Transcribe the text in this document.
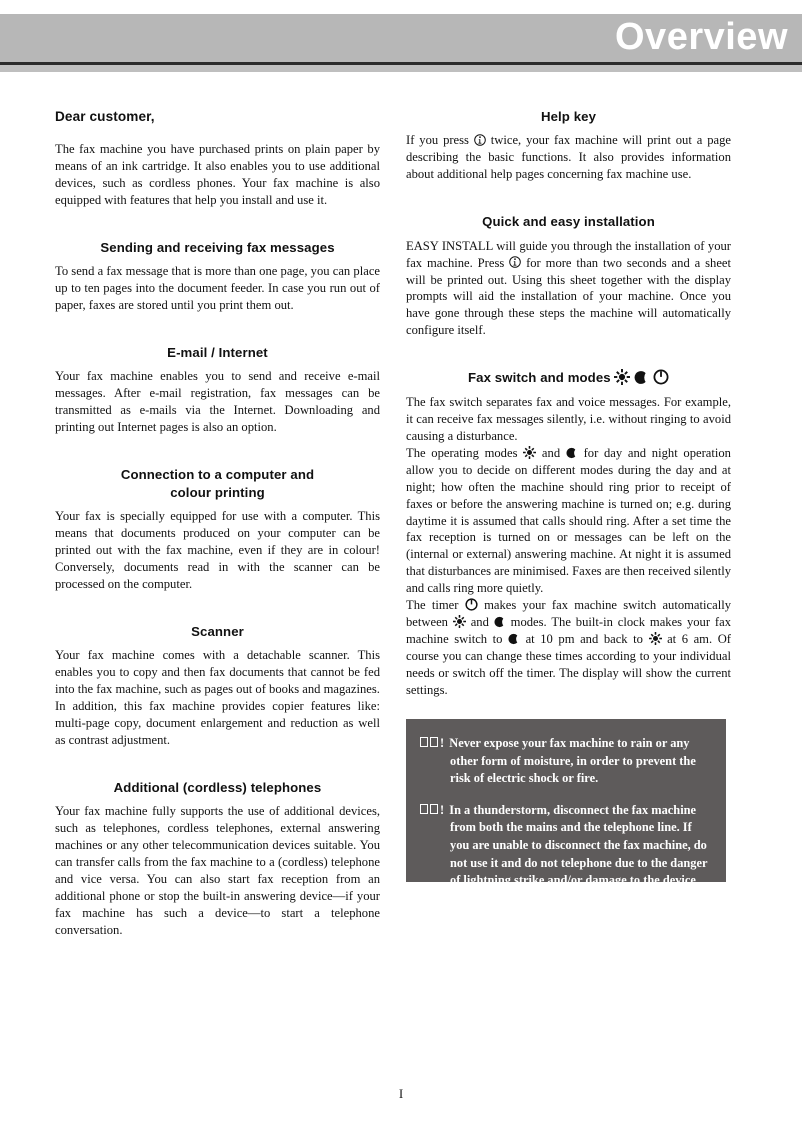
Overview
Dear customer,

The fax machine you have purchased prints on plain paper by means of an ink cartridge. It also enables you to use additional devices, such as cordless phones. Your fax machine is also equipped with features that help you install and use it.

Sending and receiving fax messages

To send a fax message that is more than one page, you can place up to ten pages into the document feeder. In case you run out of paper, faxes are stored until you print them out.

E-mail / Internet

Your fax machine enables you to send and receive e-mail messages. After e-mail registration, fax messages can be transmitted as e-mails via the Internet. Downloading and printing out Internet pages is also an option.

Connection to a computer and
colour printing

Your fax is specially equipped for use with a computer. This means that documents produced on your computer can be printed out with the fax machine, even if they are in colour! Conversely, documents read in with the scanner can be processed on the computer.

Scanner

Your fax machine comes with a detachable scanner. This enables you to copy and then fax documents that cannot be fed into the fax machine, such as pages out of books and magazines.

In addition, this fax machine provides copier features like: multi-page copy, document enlargement and reduction as well as contrast adjustment.

Additional (cordless) telephones

Your fax machine fully supports the use of additional devices, such as telephones, cordless telephones, external answering machines or any other telecommunication devices suitable. You can transfer calls from the fax machine to a (cordless) telephone and vice versa. You can also start fax reception from an additional phone or stop the built-in answering device—if your fax machine has such a device—to start a telephone conversation.

Help key

If you press
twice, your fax machine will print out a page describing the basic functions. It also provides information about additional help pages concerning fax machine use.

Quick and easy installation

EASY INSTALL will guide you through the installation of your fax machine. Press
for more than two seconds and a sheet will be printed out. Using this sheet together with the display prompts will aid the installation of your machine. Once you have gone through these steps the machine will automatically configure itself.

Fax switch and modes

The fax switch separates fax and voice messages. For example, it can receive fax messages silently, i.e. without ringing to avoid causing a disturbance.

The operating modes
and
for day and night operation allow you to decide on different modes during the day and at night; how often the machine should ring prior to receipt of faxes or before the answering machine is turned on; e.g. during daytime it is assumed that calls should ring. After a set time the fax reception is turned on or messages can be left on the (internal or external) answering machine. At night it is assumed that disturbances are minimised. Faxes are then received silently and calls ring more quietly.

The timer
makes your fax machine switch automatically between
and
modes. The built-in clock makes your fax machine switch to
at 10 pm and back to
at 6 am. Of course you can change these times according to your individual needs or switch off the timer. The display will show the current settings.

! Never expose your fax machine to rain or any other form of moisture, in order to prevent the risk of electric shock or fire.

! In a thunderstorm, disconnect the fax machine from both the mains and the telephone line. If you are unable to disconnect the fax machine, do not use it and do not telephone due to the danger of lightning strike and/or damage to the device.

I
